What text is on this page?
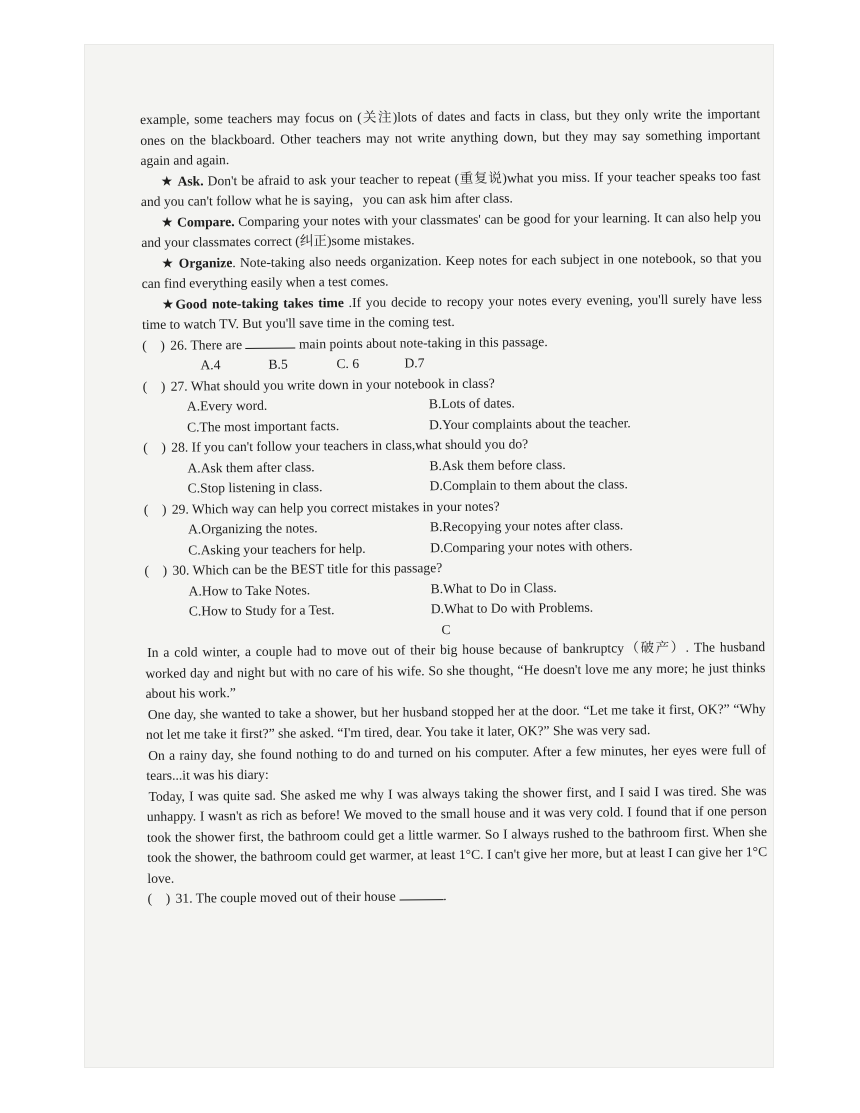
example, some teachers may focus on (关注)lots of dates and facts in class, but they only write the important ones on the blackboard. Other teachers may not write anything down, but they may say something important again and again.

★ Ask. Don't be afraid to ask your teacher to repeat (重复说)what you miss. If your teacher speaks too fast and you can't follow what he is saying，you can ask him after class.

★ Compare. Comparing your notes with your classmates' can be good for your learning. It can also help you and your classmates correct (纠正)some mistakes.

★ Organize. Note-taking also needs organization. Keep notes for each subject in one notebook, so that you can find everything easily when a test comes.

★Good note-taking takes time .If you decide to recopy your notes every evening, you'll surely have less time to watch TV. But you'll save time in the coming test.

(　) 26. There are	main points about note-taking in this passage.

A.4	B.5	C. 6	D.7

(　) 27. What should you write down in your notebook in class?

A.Every word.	B.Lots of dates.
C.The most important facts.	D.Your complaints about the teacher.

(　) 28. If you can't follow your teachers in class,what should you do?

A.Ask them after class.	B.Ask them before class.
C.Stop listening in class.	D.Complain to them about the class.

(　) 29. Which way can help you correct mistakes in your notes?

A.Organizing the notes.	B.Recopying your notes after class.
C.Asking your teachers for help.	D.Comparing your notes with others.

(　) 30. Which can be the BEST title for this passage?

A.How to Take Notes.	B.What to Do in Class.
C.How to Study for a Test.	D.What to Do with Problems.

C

In a cold winter, a couple had to move out of their big house because of bankruptcy（破产）. The husband worked day and night but with no care of his wife. So she thought, “He doesn't love me any more; he just thinks about his work.”

One day, she wanted to take a shower, but her husband stopped her at the door. “Let me take it first, OK?” “Why not let me take it first?” she asked. “I'm tired, dear. You take it later, OK?” She was very sad.

On a rainy day, she found nothing to do and turned on his computer. After a few minutes, her eyes were full of tears...it was his diary:

Today, I was quite sad. She asked me why I was always taking the shower first, and I said I was tired. She was unhappy. I wasn't as rich as before! We moved to the small house and it was very cold. I found that if one person took the shower first, the bathroom could get a little warmer. So I always rushed to the bathroom first. When she took the shower, the bathroom could get warmer, at least 1°C. I can't give her more, but at least I can give her 1°C love.

(　) 31. The couple moved out of their house	.
